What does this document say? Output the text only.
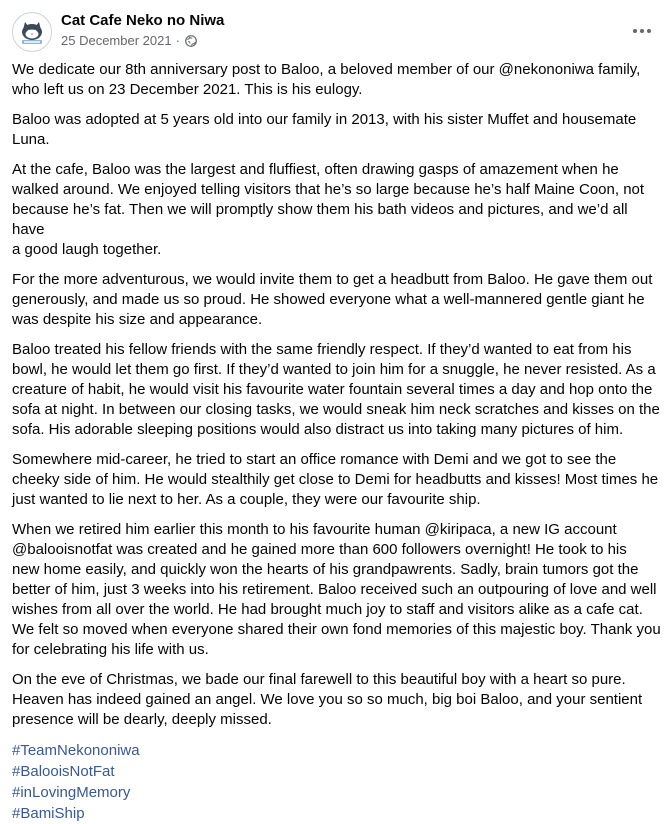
Cat Cafe Neko no Niwa
25 December 2021 ·

We dedicate our 8th anniversary post to Baloo, a beloved member of our @nekononiwa family,
who left us on 23 December 2021. This is his eulogy.

Baloo was adopted at 5 years old into our family in 2013, with his sister Muffet and housemate
Luna.

At the cafe, Baloo was the largest and fluffiest, often drawing gasps of amazement when he
walked around. We enjoyed telling visitors that he’s so large because he’s half Maine Coon, not
because he’s fat. Then we will promptly show them his bath videos and pictures, and we’d all have
a good laugh together.

For the more adventurous, we would invite them to get a headbutt from Baloo. He gave them out
generously, and made us so proud. He showed everyone what a well-mannered gentle giant he
was despite his size and appearance.

Baloo treated his fellow friends with the same friendly respect. If they’d wanted to eat from his
bowl, he would let them go first. If they’d wanted to join him for a snuggle, he never resisted. As a
creature of habit, he would visit his favourite water fountain several times a day and hop onto the
sofa at night. In between our closing tasks, we would sneak him neck scratches and kisses on the
sofa. His adorable sleeping positions would also distract us into taking many pictures of him.

Somewhere mid-career, he tried to start an office romance with Demi and we got to see the
cheeky side of him. He would stealthily get close to Demi for headbutts and kisses! Most times he
just wanted to lie next to her. As a couple, they were our favourite ship.

When we retired him earlier this month to his favourite human @kiripaca, a new IG account
@balooisnotfat was created and he gained more than 600 followers overnight! He took to his
new home easily, and quickly won the hearts of his grandpawrents. Sadly, brain tumors got the
better of him, just 3 weeks into his retirement. Baloo received such an outpouring of love and well
wishes from all over the world. He had brought much joy to staff and visitors alike as a cafe cat.
We felt so moved when everyone shared their own fond memories of this majestic boy. Thank you
for celebrating his life with us.

On the eve of Christmas, we bade our final farewell to this beautiful boy with a heart so pure.
Heaven has indeed gained an angel. We love you so so much, big boi Baloo, and your sentient
presence will be dearly, deeply missed.

#TeamNekononiwa
#BalooisNotFat
#inLovingMemory
#BamiShip
